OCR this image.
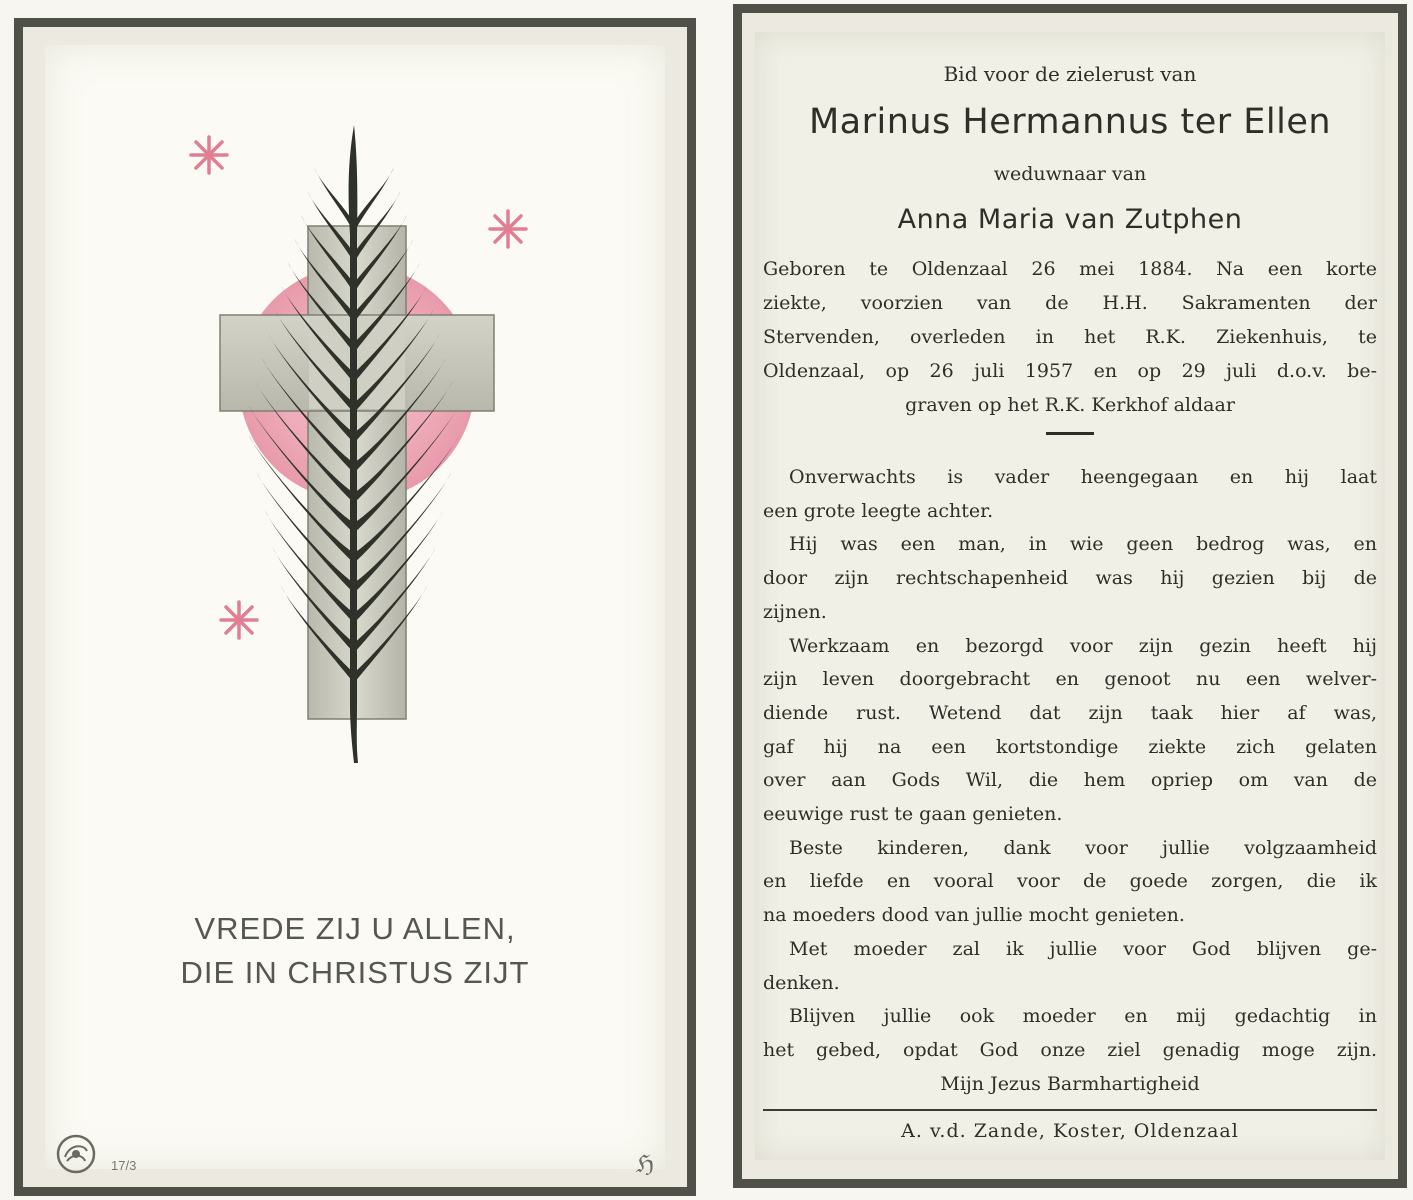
VREDE ZIJ U ALLEN,
DIE IN CHRISTUS ZIJT
17/3	ℌ
Bid voor de zielerust van
Marinus Hermannus ter Ellen
weduwnaar van
Anna Maria van Zutphen
Geboren te Oldenzaal 26 mei 1884. Na een korte
ziekte, voorzien van de H.H. Sakramenten der
Stervenden, overleden in het R.K. Ziekenhuis, te
Oldenzaal, op 26 juli 1957 en op 29 juli d.o.v. be-
graven op het R.K. Kerkhof aldaar
Onverwachts is vader heengegaan en hij laat
een grote leegte achter.
Hij was een man, in wie geen bedrog was, en
door zijn rechtschapenheid was hij gezien bij de
zijnen.
Werkzaam en bezorgd voor zijn gezin heeft hij
zijn leven doorgebracht en genoot nu een welver-
diende rust. Wetend dat zijn taak hier af was,
gaf hij na een kortstondige ziekte zich gelaten
over aan Gods Wil, die hem opriep om van de
eeuwige rust te gaan genieten.
Beste kinderen, dank voor jullie volgzaamheid
en liefde en vooral voor de goede zorgen, die ik
na moeders dood van jullie mocht genieten.
Met moeder zal ik jullie voor God blijven ge-
denken.
Blijven jullie ook moeder en mij gedachtig in
het gebed, opdat God onze ziel genadig moge zijn.
Mijn Jezus Barmhartigheid
A. v.d. Zande, Koster, Oldenzaal
